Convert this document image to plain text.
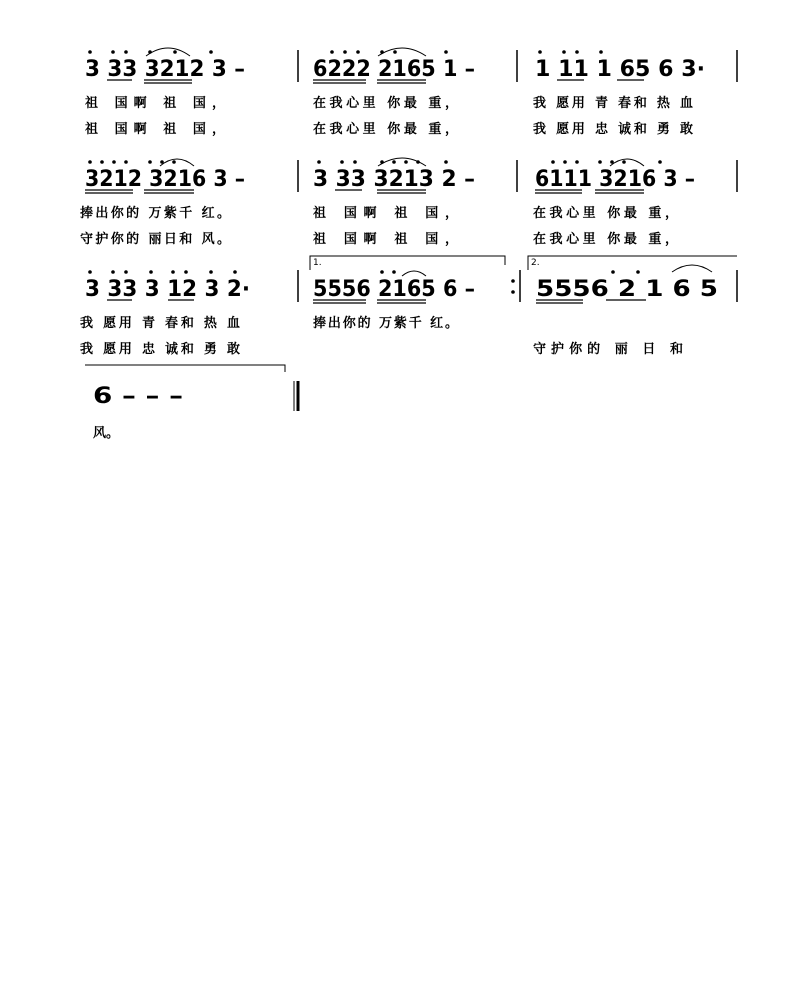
3 33 3212 3 –
祖 国啊 祖 国，
祖 国啊 祖 国，
6222 2165 1 –
在我心里 你最 重，
在我心里 你最 重，
1 11 1 65 6 3·
我 愿用 青 春和 热 血
我 愿用 忠 诚和 勇 敢
3212 3216 3 –
捧出你的 万紫千 红。
守护你的 丽日和 风。
3 33 3213 2 –
祖 国啊 祖 国，
祖 国啊 祖 国，
6111 3216 3 –
在我心里 你最 重，
在我心里 你最 重，
1.	2.
3 33 3 12 3 2·
我 愿用 青 春和 热 血
我 愿用 忠 诚和 勇 敢
5556 2165 6 –
捧出你的 万紫千 红。
5556 2 1 6 5
守护你的 丽 日 和
6 – – –
风。
